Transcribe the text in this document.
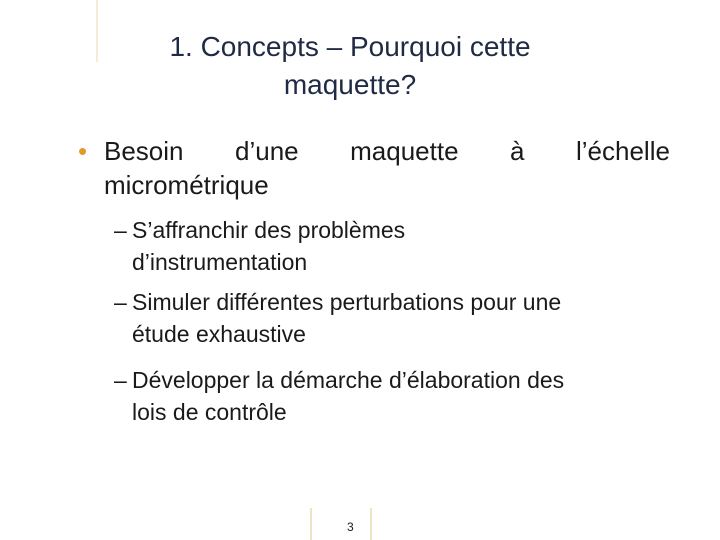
1. Concepts – Pourquoi cette
maquette?
• Besoin d’une maquette à l’échelle
micrométrique
– S’affranchir des problèmes
d’instrumentation
– Simuler différentes perturbations pour une
étude exhaustive
– Développer la démarche d’élaboration des
lois de contrôle
3
